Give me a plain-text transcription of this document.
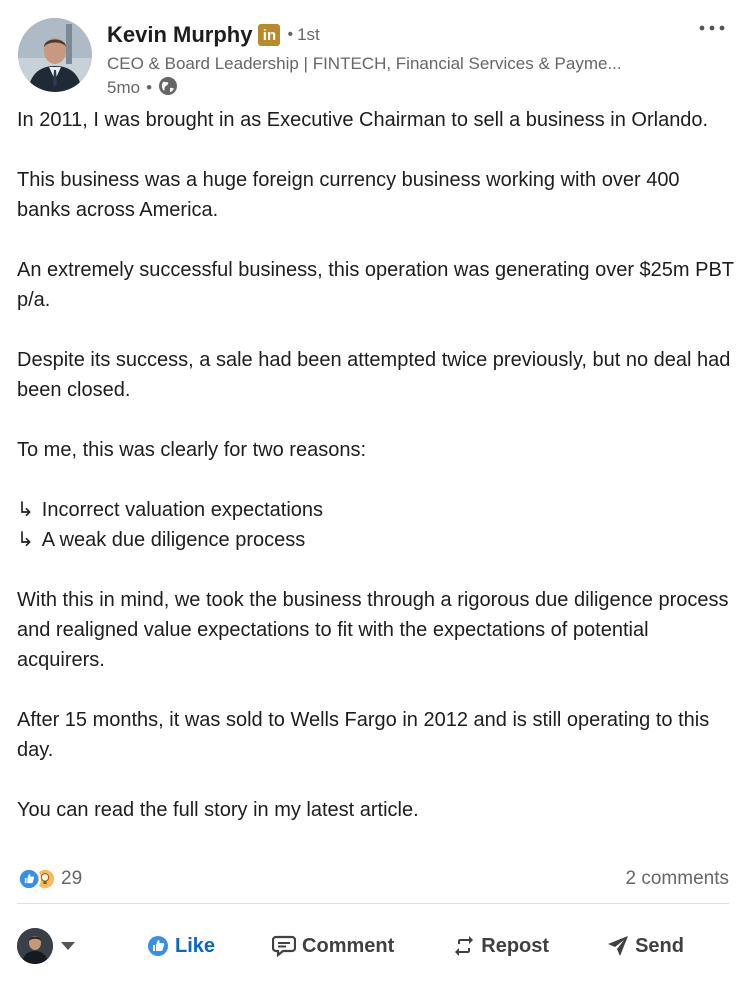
Kevin Murphy in • 1st
CEO & Board Leadership | FINTECH, Financial Services & Payme...
5mo •

In 2011, I was brought in as Executive Chairman to sell a business in Orlando.

This business was a huge foreign currency business working with over 400 banks across America.

An extremely successful business, this operation was generating over $25m PBT p/a.

Despite its success, a sale had been attempted twice previously, but no deal had been closed.

To me, this was clearly for two reasons:

↳ Incorrect valuation expectations

↳ A weak due diligence process

With this in mind, we took the business through a rigorous due diligence process and realigned value expectations to fit with the expectations of potential acquirers.

After 15 months, it was sold to Wells Fargo in 2012 and is still operating to this day.

You can read the full story in my latest article.

29	2 comments
Like	Comment	Repost	Send
